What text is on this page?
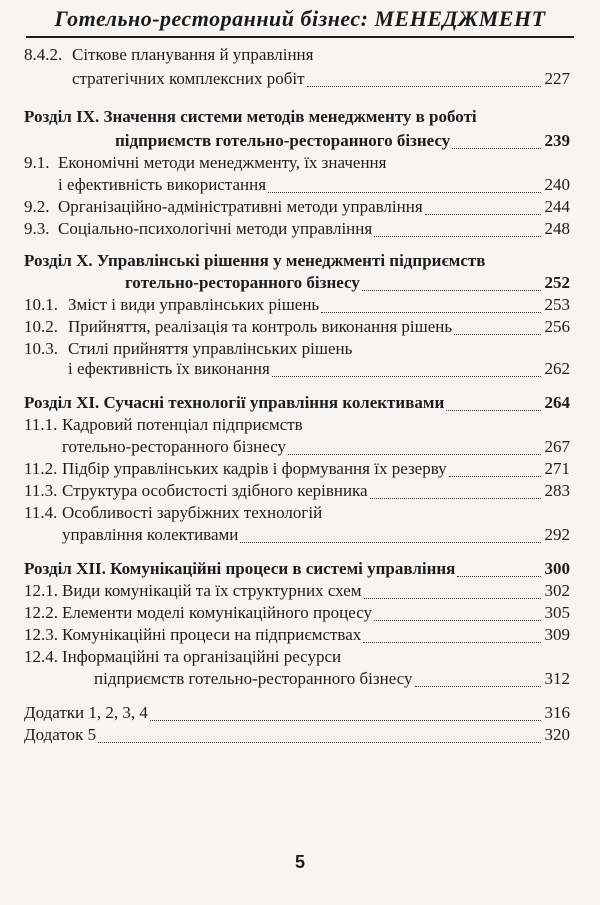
Готельно-ресторанний бізнес: МЕНЕДЖМЕНТ
8.4.2. Сіткове планування й управління
стратегічних комплексних робіт	227
Розділ IX. Значення системи методів менеджменту в роботі
підприємств готельно-ресторанного бізнесу	239
9.1. Економічні методи менеджменту, їх значення
і ефективність використання	240
9.2. Організаційно-адміністративні методи управління	244
9.3. Соціально-психологічні методи управління	248
Розділ X. Управлінські рішення у менеджменті підприємств
готельно-ресторанного бізнесу	252
10.1. Зміст і види управлінських рішень	253
10.2. Прийняття, реалізація та контроль виконання рішень	256
10.3. Стилі прийняття управлінських рішень
і ефективність їх виконання	262
Розділ XI. Сучасні технології управління колективами	264
11.1. Кадровий потенціал підприємств
готельно-ресторанного бізнесу	267
11.2. Підбір управлінських кадрів і формування їх резерву	271
11.3. Структура особистості здібного керівника	283
11.4. Особливості зарубіжних технологій
управління колективами	292
Розділ XII. Комунікаційні процеси в системі управління	300
12.1. Види комунікацій та їх структурних схем	302
12.2. Елементи моделі комунікаційного процесу	305
12.3. Комунікаційні процеси на підприємствах	309
12.4. Інформаційні та організаційні ресурси
підприємств готельно-ресторанного бізнесу	312
Додатки 1, 2, 3, 4	316
Додаток 5	320
5
